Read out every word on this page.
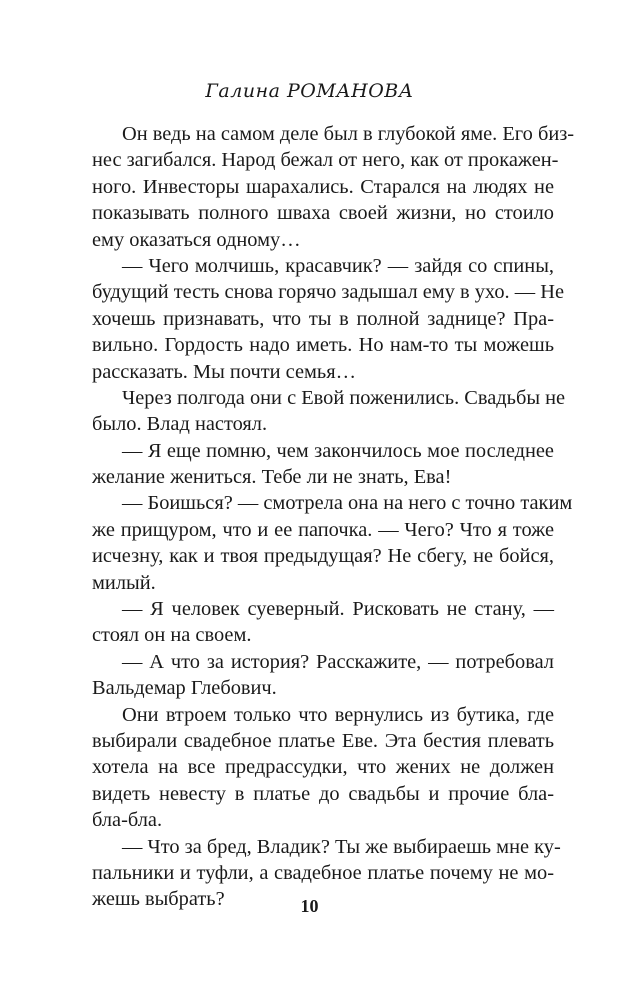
Галина РОМАНОВА
Он ведь на самом деле был в глубокой яме. Его биз-
нес загибался. Народ бежал от него, как от прокажен-
ного. Инвесторы шарахались. Старался на людях не
показывать полного шваха своей жизни, но стоило
ему оказаться одному…
— Чего молчишь, красавчик? — зайдя со спины,
будущий тесть снова горячо задышал ему в ухо. — Не
хочешь признавать, что ты в полной заднице? Пра-
вильно. Гордость надо иметь. Но нам-то ты можешь
рассказать. Мы почти семья…
Через полгода они с Евой поженились. Свадьбы не
было. Влад настоял.
— Я еще помню, чем закончилось мое последнее
желание жениться. Тебе ли не знать, Ева!
— Боишься? — смотрела она на него с точно таким
же прищуром, что и ее папочка. — Чего? Что я тоже
исчезну, как и твоя предыдущая? Не сбегу, не бойся,
милый.
— Я человек суеверный. Рисковать не стану, —
стоял он на своем.
— А что за история? Расскажите, — потребовал
Вальдемар Глебович.
Они втроем только что вернулись из бутика, где
выбирали свадебное платье Еве. Эта бестия плевать
хотела на все предрассудки, что жених не должен
видеть невесту в платье до свадьбы и прочие бла-
бла-бла.
— Что за бред, Владик? Ты же выбираешь мне ку-
пальники и туфли, а свадебное платье почему не мо-
жешь выбрать?	10
